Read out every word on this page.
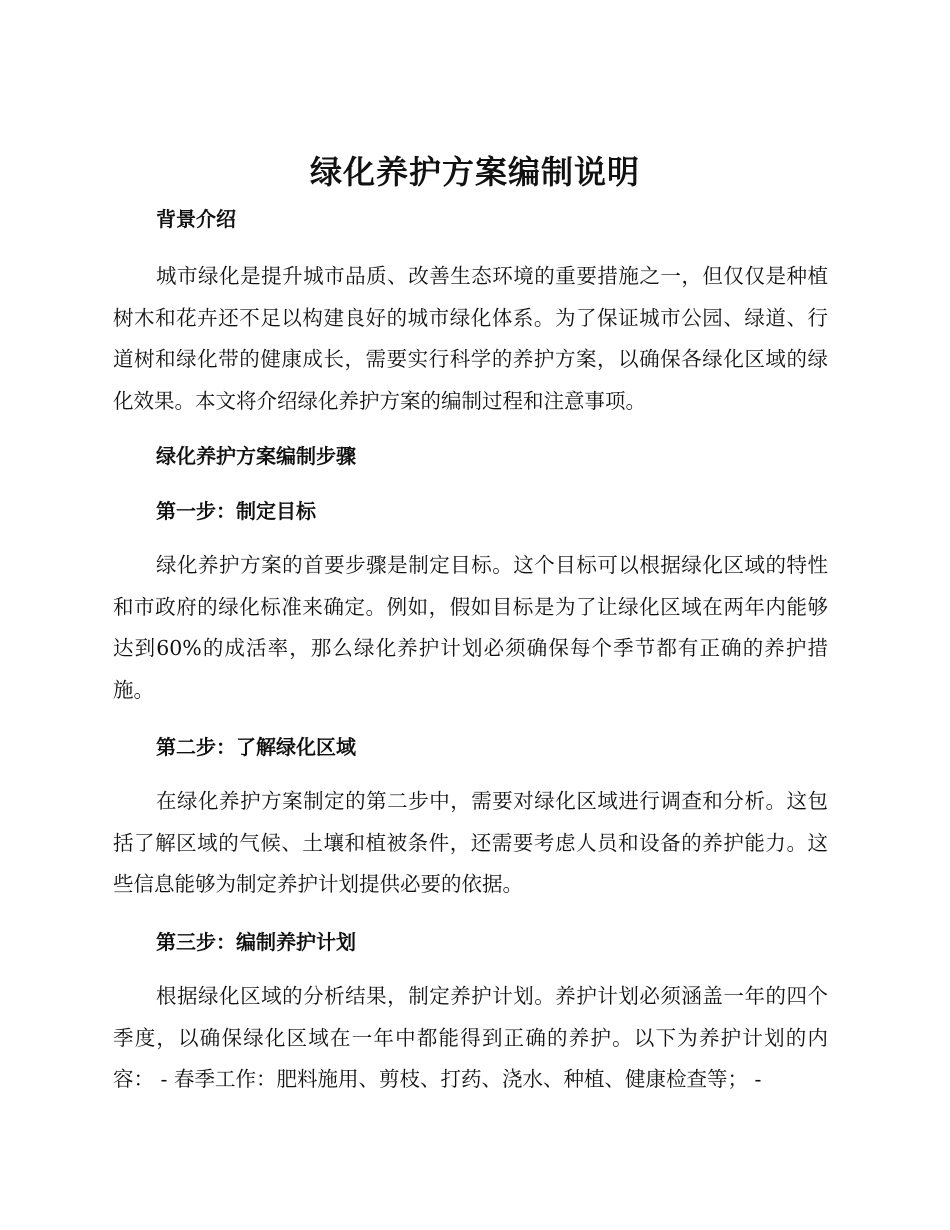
绿化养护方案编制说明
背景介绍

城市绿化是提升城市品质、改善生态环境的重要措施之一，但仅仅是种植树木和花卉还不足以构建良好的城市绿化体系。为了保证城市公园、绿道、行道树和绿化带的健康成长，需要实行科学的养护方案，以确保各绿化区域的绿化效果。本文将介绍绿化养护方案的编制过程和注意事项。

绿化养护方案编制步骤
第一步：制定目标

绿化养护方案的首要步骤是制定目标。这个目标可以根据绿化区域的特性和市政府的绿化标准来确定。例如，假如目标是为了让绿化区域在两年内能够达到60%的成活率，那么绿化养护计划必须确保每个季节都有正确的养护措施。

第二步：了解绿化区域

在绿化养护方案制定的第二步中，需要对绿化区域进行调查和分析。这包括了解区域的气候、土壤和植被条件，还需要考虑人员和设备的养护能力。这些信息能够为制定养护计划提供必要的依据。

第三步：编制养护计划

根据绿化区域的分析结果，制定养护计划。养护计划必须涵盖一年的四个季度，以确保绿化区域在一年中都能得到正确的养护。以下为养护计划的内容： - 春季工作：肥料施用、剪枝、打药、浇水、种植、健康检查等； -
